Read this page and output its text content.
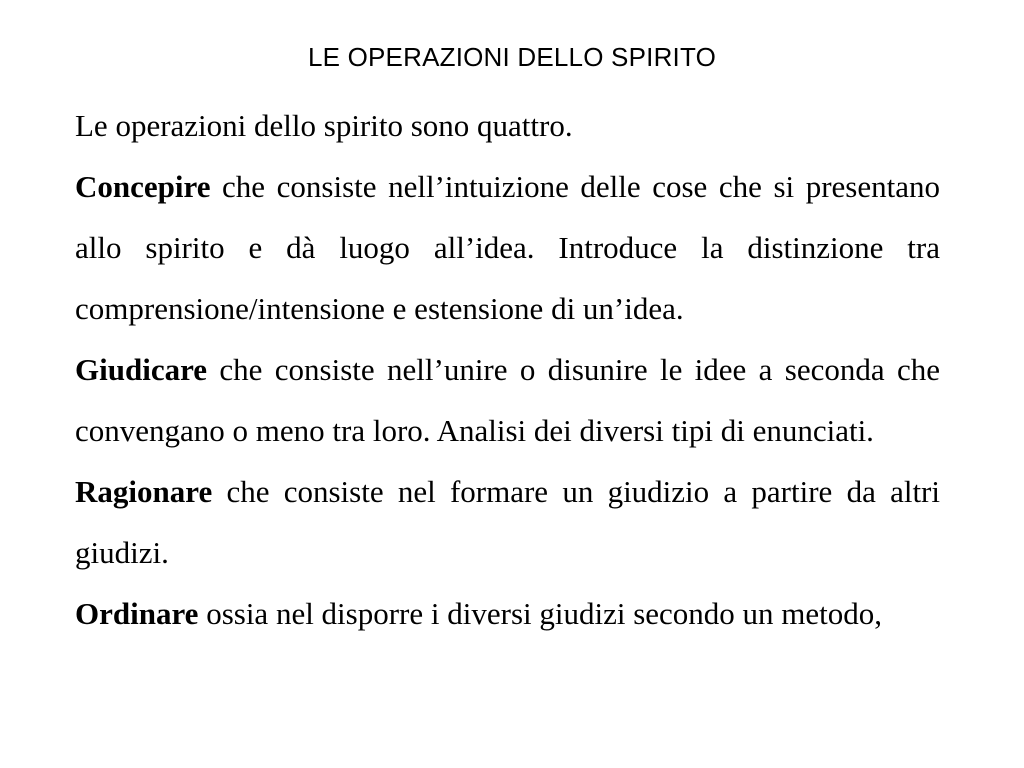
LE OPERAZIONI DELLO SPIRITO

Le operazioni dello spirito sono quattro.

Concepire che consiste nell’intuizione delle cose che si presentano allo spirito e dà luogo all’idea. Introduce la distinzione tra comprensione/intensione e estensione di un’idea.

Giudicare che consiste nell’unire o disunire le idee a seconda che convengano o meno tra loro. Analisi dei diversi tipi di enunciati.

Ragionare che consiste nel formare un giudizio a partire da altri giudizi.

Ordinare ossia nel disporre i diversi giudizi secondo un metodo,
